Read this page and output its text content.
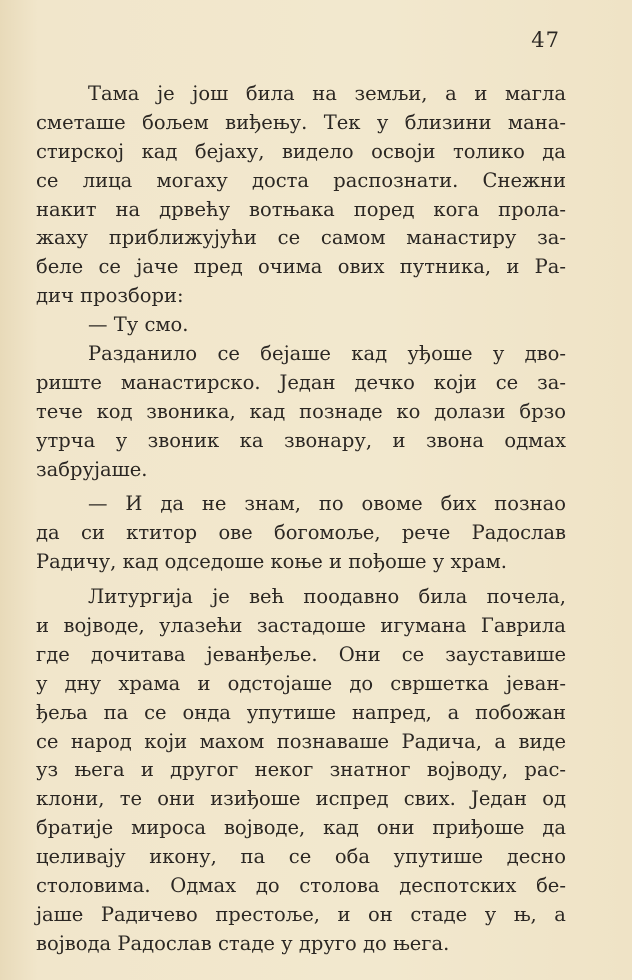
47
Тама је још била на земљи, а и магла
сметаше бољем виђењу. Тек у близини мана-
стирској кад бејаху, видело освоји толико да
се лица могаху доста распознати. Снежни
накит на дрвећу вотњака поред кога прола-
жаху приближујући се самом манастиру за-
беле се јаче пред очима ових путника, и Ра-
дич прозбори:
— Ту смо.
Разданило се бејаше кад уђоше у дво-
риште манастирско. Један дечко који се за-
тече код звоника, кад познаде ко долази брзо
утрча у звоник ка звонару, и звона одмах
забрујаше.
— И да не знам, по овоме бих познао
да си ктитор ове богомоље, рече Радослав
Радичу, кад одседоше коње и пођоше у храм.
Литургија је већ поодавно била почела,
и војводе, улазећи застадоше игумана Гаврила
где дочитава јеванђеље. Они се зауставише
у дну храма и одстојаше до свршетка јеван-
ђеља па се онда упутише напред, а побожан
се народ који махом познаваше Радича, а виде
уз њега и другог неког знатног војводу, рас-
клони, те они изиђоше испред свих. Један од
братије мироса војводе, кад они приђоше да
целивају икону, па се оба упутише десно
столовима. Одмах до столова деспотских бе-
јаше Радичево престоље, и он стаде у њ, а
војвода Радослав стаде у друго до њега.
